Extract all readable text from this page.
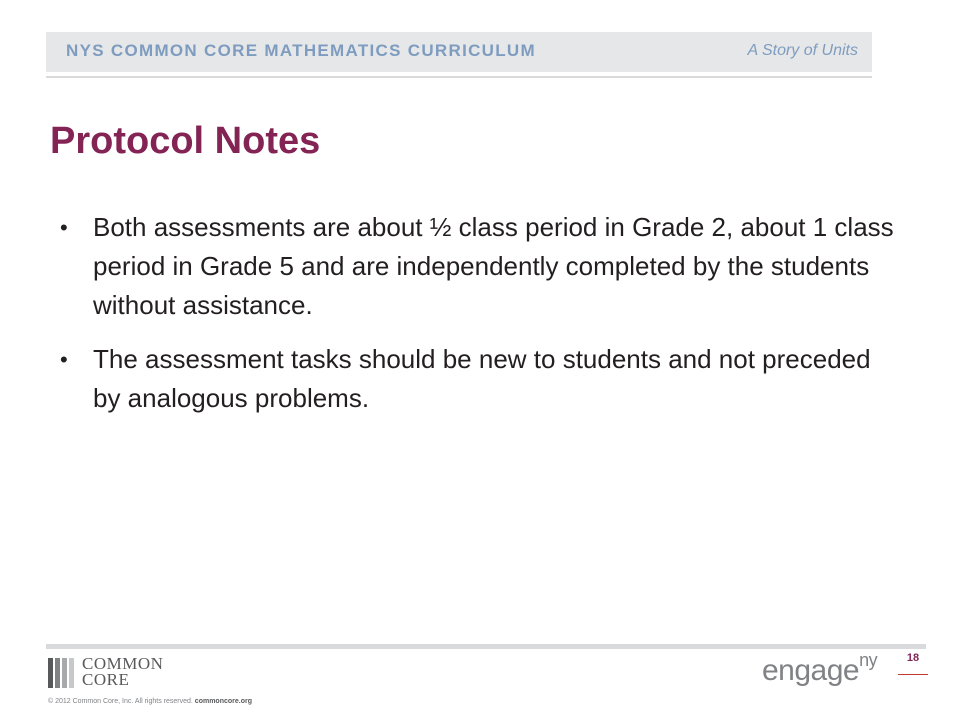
NYS COMMON CORE MATHEMATICS CURRICULUM	A Story of Units
Protocol Notes
• Both assessments are about ½ class period in Grade 2, about 1 class period in Grade 5 and are independently completed by the students without assistance.
• The assessment tasks should be new to students and not preceded by analogous problems.
COMMON
CORE
© 2012 Common Core, Inc. All rights reserved. commoncore.org
engage$^{ny}$	18
